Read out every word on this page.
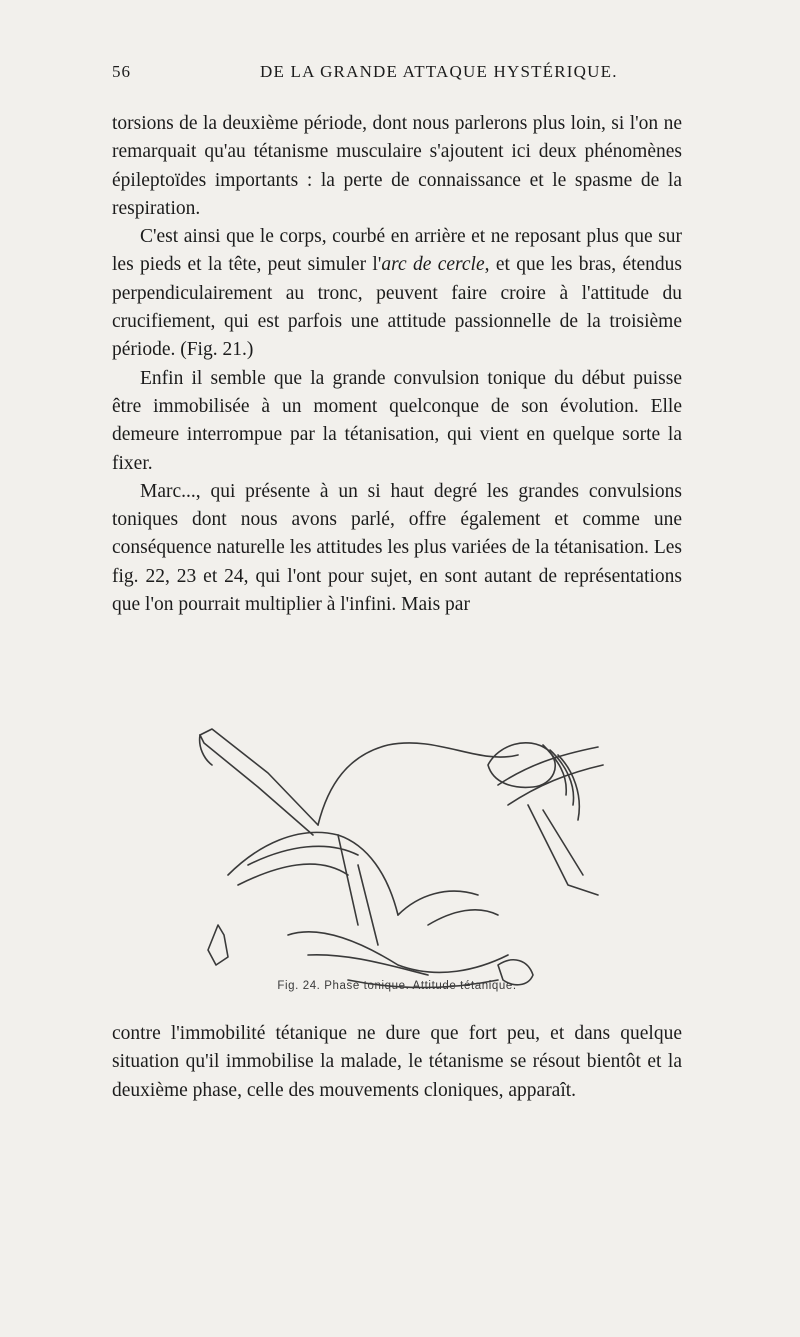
56	DE LA GRANDE ATTAQUE HYSTÉRIQUE.

torsions de la deuxième période, dont nous parlerons plus loin, si l'on ne remarquait qu'au tétanisme musculaire s'ajoutent ici deux phénomènes épileptoïdes importants : la perte de connaissance et le spasme de la respiration.

C'est ainsi que le corps, courbé en arrière et ne reposant plus que sur les pieds et la tête, peut simuler l'arc de cercle, et que les bras, étendus perpendiculairement au tronc, peuvent faire croire à l'attitude du crucifiement, qui est parfois une attitude passionnelle de la troisième période. (Fig. 21.)

Enfin il semble que la grande convulsion tonique du début puisse être immobilisée à un moment quelconque de son évolution. Elle demeure interrompue par la tétanisation, qui vient en quelque sorte la fixer.

Marc..., qui présente à un si haut degré les grandes convulsions toniques dont nous avons parlé, offre également et comme une conséquence naturelle les attitudes les plus variées de la tétanisation. Les fig. 22, 23 et 24, qui l'ont pour sujet, en sont autant de représentations que l'on pourrait multiplier à l'infini. Mais par

Fig. 24. Phase tonique. Attitude tétanique.

contre l'immobilité tétanique ne dure que fort peu, et dans quelque situation qu'il immobilise la malade, le tétanisme se résout bientôt et la deuxième phase, celle des mouvements cloniques, apparaît.
